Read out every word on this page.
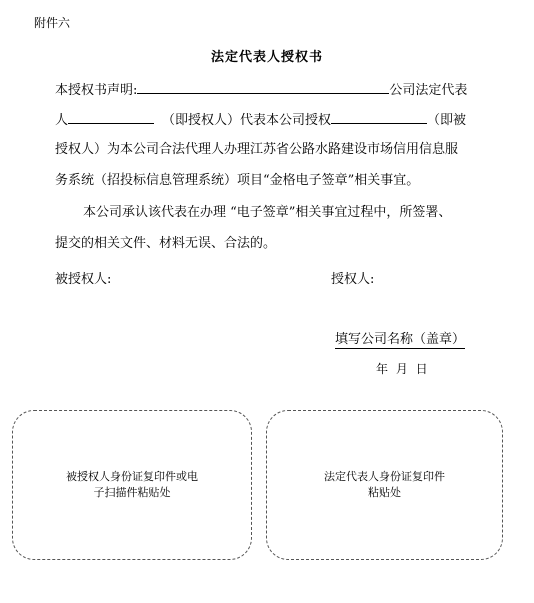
附件六
法定代表人授权书
本授权书声明:	公司法定代表
人	（即授权人）代表本公司授权	（即被
授权人）为本公司合法代理人办理江苏省公路水路建设市场信用信息服
务系统（招投标信息管理系统）项目“金格电子签章”相关事宜。
本公司承认该代表在办理 “电子签章”相关事宜过程中，所签署、
提交的相关文件、材料无误、合法的。
被授权人:	授权人:
填写公司名称（盖章）
年 月 日
被授权人身份证复印件或电
子扫描件粘贴处
法定代表人身份证复印件
粘贴处
